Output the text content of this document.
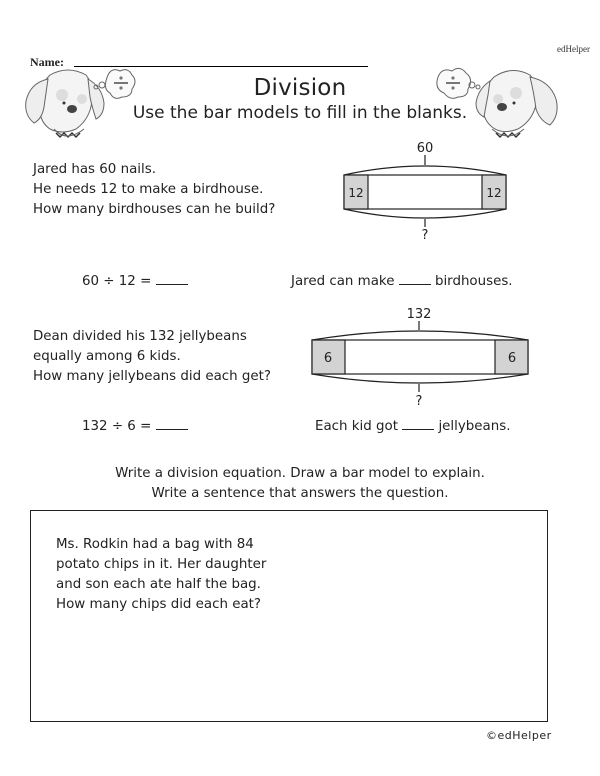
edHelper
Name:
Division
Use the bar models to fill in the blanks.
Jared has 60 nails.
He needs 12 to make a birdhouse.
How many birdhouses can he build?
60
12	12
?
60 ÷ 12 =	Jared can make  birdhouses.
Dean divided his 132 jellybeans
equally among 6 kids.
How many jellybeans did each get?
132
6	6
?
132 ÷ 6 =	Each kid got  jellybeans.
Write a division equation. Draw a bar model to explain.
Write a sentence that answers the question.
Ms. Rodkin had a bag with 84
potato chips in it. Her daughter
and son each ate half the bag.
How many chips did each eat?
©edHelper
